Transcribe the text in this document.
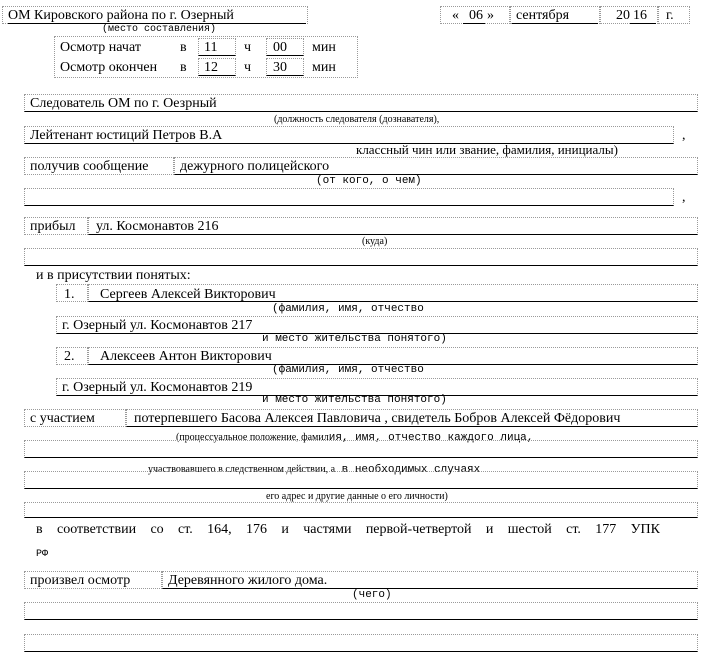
ОМ Кировского района по г. Озерный
(место составления)
« 06 » сентября	20 16 г.
Осмотр начат	в 11 ч 00 мин
Осмотр окончен в 12 ч 30 мин
Следователь ОМ по г. Оезрный
(должность следователя (дознавателя),
Лейтенант юстиций Петров В.А	,
классный чин или звание, фамилия, инициалы)
получив сообщение дежурного полицейского
(от кого, о чем)
,
прибыл ул. Космонавтов 216
(куда)
и в присутствии понятых:
1. Сергеев Алексей Викторович
(фамилия, имя, отчество
г. Озерный ул. Космонавтов 217
и место жительства понятого)
2. Алексеев Антон Викторович
(фамилия, имя, отчество
г. Озерный ул. Космонавтов 219
и место жительства понятого)
с участием	потерпевшего Басова Алексея Павловича , свидетель Бобров Алексей Фёдорович
(процессуальное положение, фамилия, имя, отчество каждого лица,
участвовавшего в следственном действии, а в необходимых случаях
его адрес и другие данные о его личности)
в соответствии со ст. 164, 176 и частями первой-четвертой и шестой ст. 177 УПК
РФ
произвел осмотр	Деревянного жилого дома.
(чего)
